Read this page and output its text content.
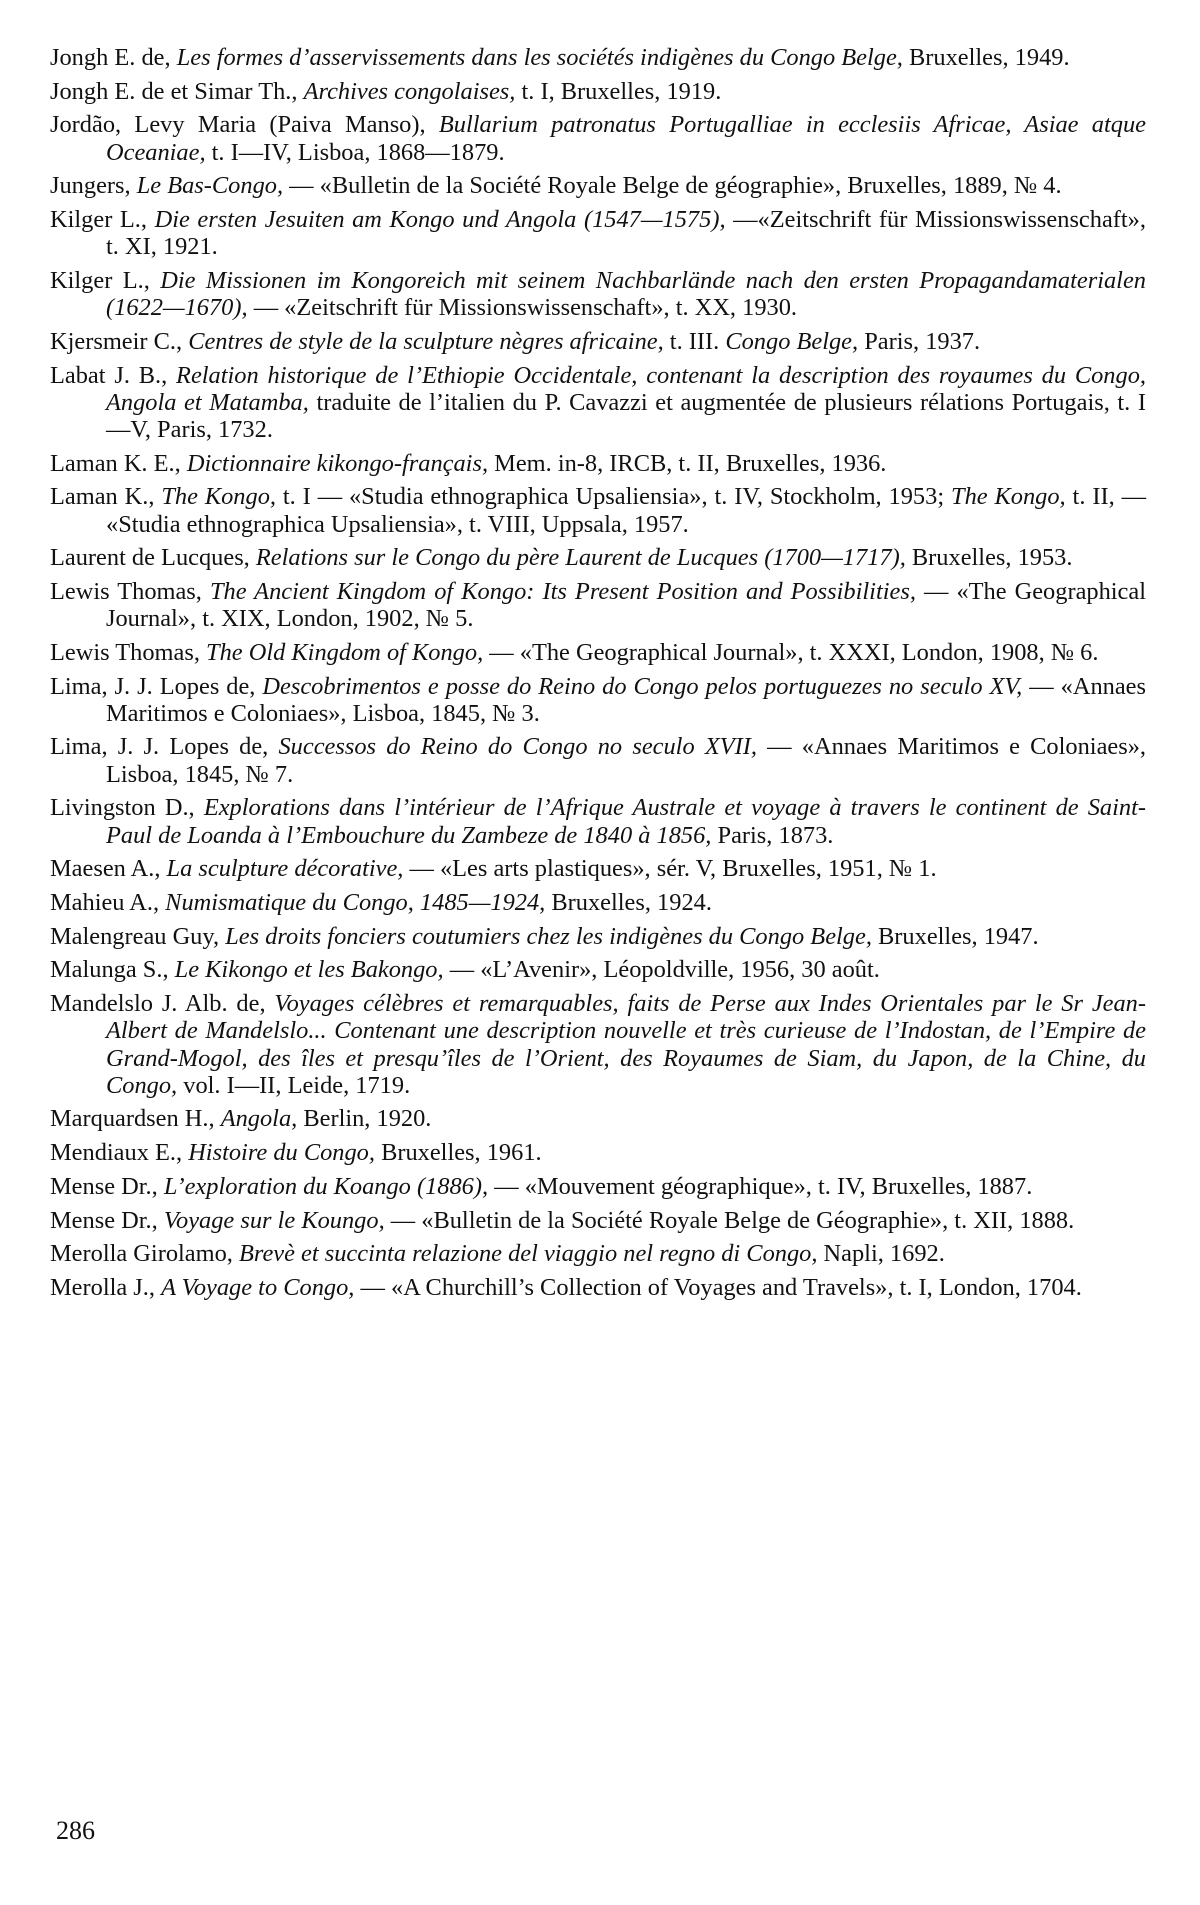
Jongh E. de, Les formes d’asservissements dans les sociétés indigènes du Congo Belge, Bruxelles, 1949.

Jongh E. de et Simar Th., Archives congolaises, t. I, Bruxelles, 1919.

Jordão, Levy Maria (Paiva Manso), Bullarium patronatus Portugalliae in ecclesiis Africae, Asiae atque Oceaniae, t. I—IV, Lisboa, 1868—1879.

Jungers, Le Bas-Congo, — «Bulletin de la Société Royale Belge de géographie», Bruxelles, 1889, № 4.

Kilger L., Die ersten Jesuiten am Kongo und Angola (1547—1575), —«Zeitschrift für Missionswissenschaft», t. XI, 1921.

Kilger L., Die Missionen im Kongoreich mit seinem Nachbarlände nach den ersten Propagandamaterialen (1622—1670), — «Zeitschrift für Missionswissenschaft», t. XX, 1930.

Kjersmeir C., Centres de style de la sculpture nègres africaine, t. III. Congo Belge, Paris, 1937.

Labat J. B., Relation historique de l’Ethiopie Occidentale, contenant la description des royaumes du Congo, Angola et Matamba, traduite de l’italien du P. Cavazzi et augmentée de plusieurs rélations Portugais, t. I—V, Paris, 1732.

Laman K. E., Dictionnaire kikongo-français, Mem. in-8, IRCB, t. II, Bruxelles, 1936.

Laman K., The Kongo, t. I — «Studia ethnographica Upsaliensia», t. IV, Stockholm, 1953; The Kongo, t. II, — «Studia ethnographica Upsaliensia», t. VIII, Uppsala, 1957.

Laurent de Lucques, Relations sur le Congo du père Laurent de Lucques (1700—1717), Bruxelles, 1953.

Lewis Thomas, The Ancient Kingdom of Kongo: Its Present Position and Possibilities, — «The Geographical Journal», t. XIX, London, 1902, № 5.

Lewis Thomas, The Old Kingdom of Kongo, — «The Geographical Journal», t. XXXI, London, 1908, № 6.

Lima, J. J. Lopes de, Descobrimentos e posse do Reino do Congo pelos portuguezes no seculo XV, — «Annaes Maritimos e Coloniaes», Lisboa, 1845, № 3.

Lima, J. J. Lopes de, Successos do Reino do Congo no seculo XVII, — «Annaes Maritimos e Coloniaes», Lisboa, 1845, № 7.

Livingston D., Explorations dans l’intérieur de l’Afrique Australe et voyage à travers le continent de Saint-Paul de Loanda à l’Embouchure du Zambeze de 1840 à 1856, Paris, 1873.

Maesen A., La sculpture décorative, — «Les arts plastiques», sér. V, Bruxelles, 1951, № 1.

Mahieu A., Numismatique du Congo, 1485—1924, Bruxelles, 1924.

Malengreau Guy, Les droits fonciers coutumiers chez les indigènes du Congo Belge, Bruxelles, 1947.

Malunga S., Le Kikongo et les Bakongo, — «L’Avenir», Léopoldville, 1956, 30 août.

Mandelslo J. Alb. de, Voyages célèbres et remarquables, faits de Perse aux Indes Orientales par le Sr Jean-Albert de Mandelslo... Contenant une description nouvelle et très curieuse de l’Indostan, de l’Empire de Grand-Mogol, des îles et presqu’îles de l’Orient, des Royaumes de Siam, du Japon, de la Chine, du Congo, vol. I—II, Leide, 1719.

Marquardsen H., Angola, Berlin, 1920.

Mendiaux E., Histoire du Congo, Bruxelles, 1961.

Mense Dr., L’exploration du Koango (1886), — «Mouvement géographique», t. IV, Bruxelles, 1887.

Mense Dr., Voyage sur le Koungo, — «Bulletin de la Société Royale Belge de Géographie», t. XII, 1888.

Merolla Girolamo, Brevè et succinta relazione del viaggio nel regno di Congo, Napli, 1692.

Merolla J., A Voyage to Congo, — «A Churchill’s Collection of Voyages and Travels», t. I, London, 1704.

286
